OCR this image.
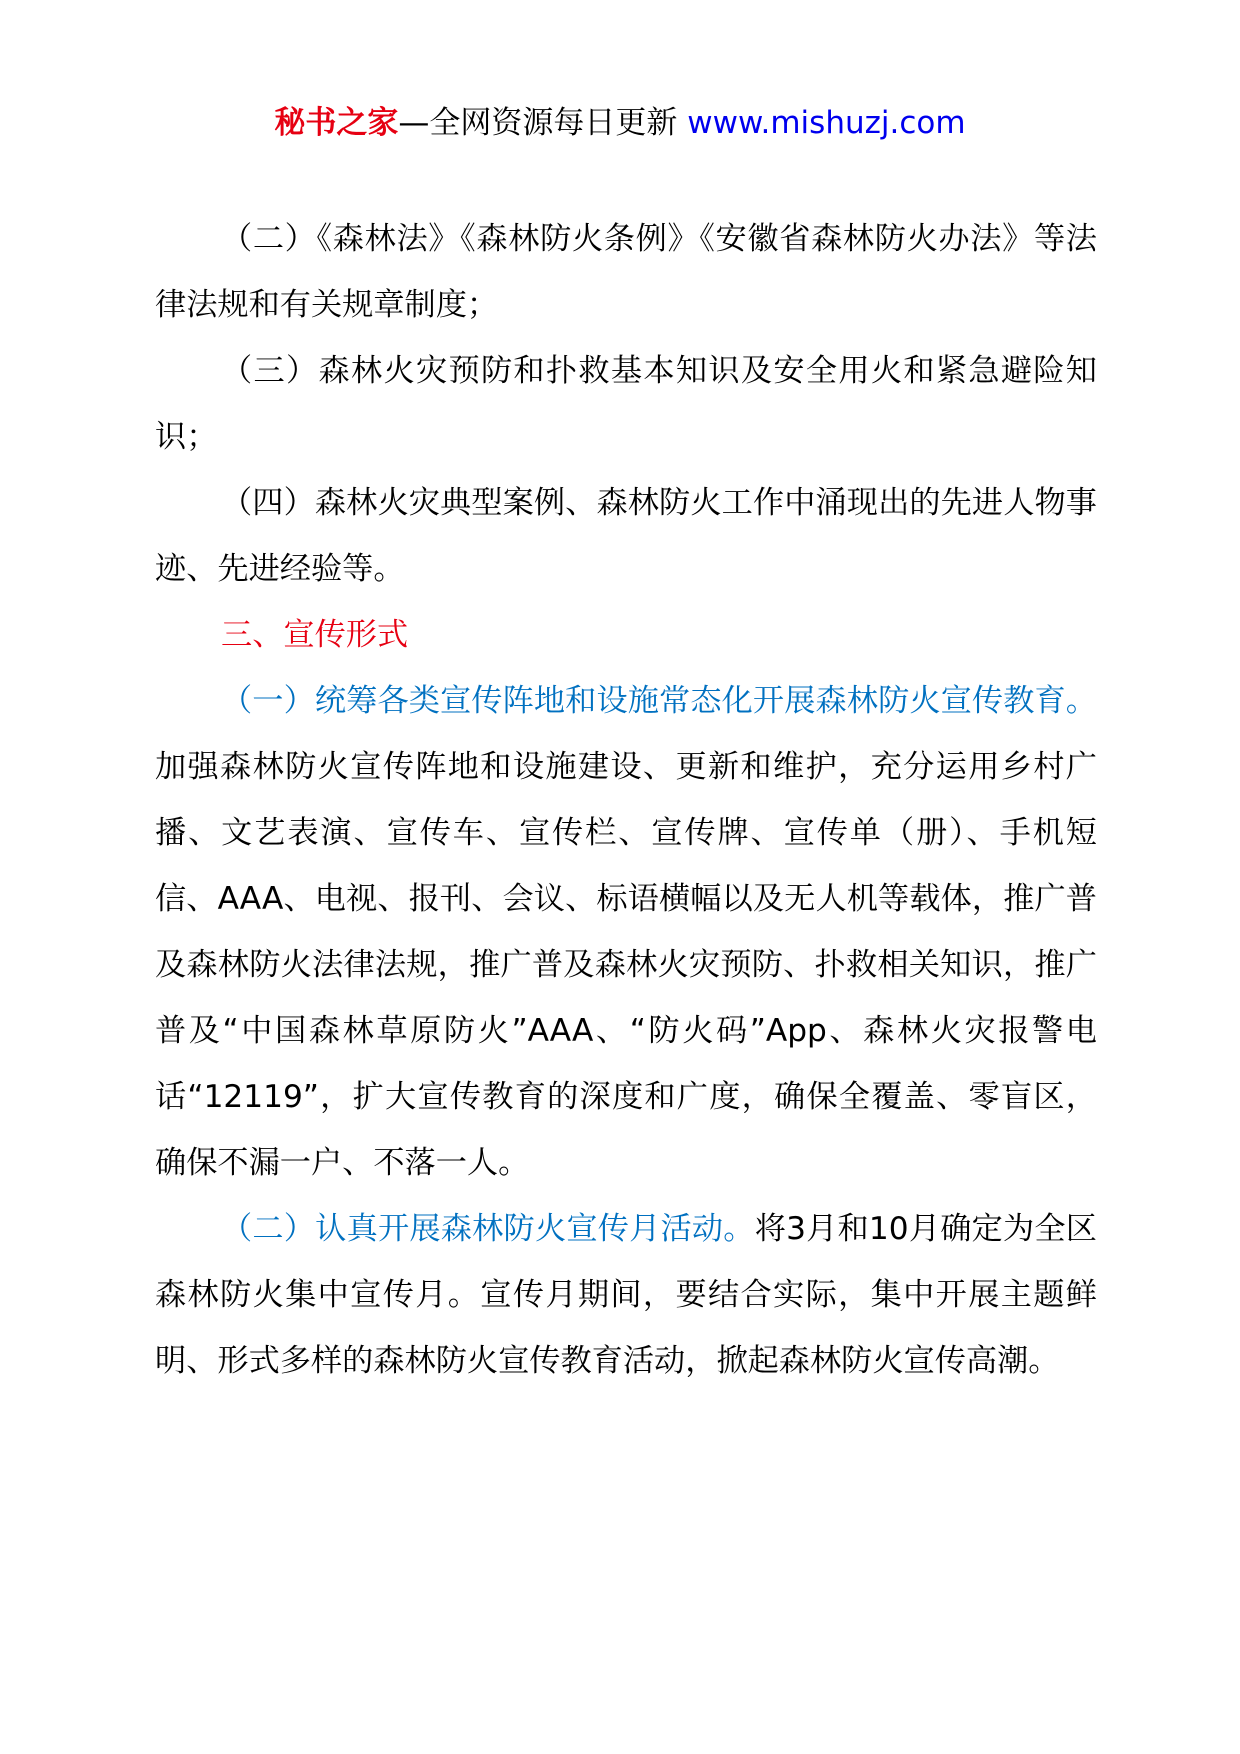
秘书之家—全网资源每日更新 www.mishuzj.com

（二）《森林法》《森林防火条例》《安徽省森林防火办法》等法律法规和有关规章制度；

（三）森林火灾预防和扑救基本知识及安全用火和紧急避险知识；

（四）森林火灾典型案例、森林防火工作中涌现出的先进人物事迹、先进经验等。

三、宣传形式

（一）统筹各类宣传阵地和设施常态化开展森林防火宣传教育。加强森林防火宣传阵地和设施建设、更新和维护，充分运用乡村广播、文艺表演、宣传车、宣传栏、宣传牌、宣传单（册）、手机短信、AAA、电视、报刊、会议、标语横幅以及无人机等载体，推广普及森林防火法律法规，推广普及森林火灾预防、扑救相关知识，推广普及“中国森林草原防火”AAA、“防火码”App、森林火灾报警电话“12119”，扩大宣传教育的深度和广度，确保全覆盖、零盲区，确保不漏一户、不落一人。

（二）认真开展森林防火宣传月活动。将3月和10月确定为全区森林防火集中宣传月。宣传月期间，要结合实际，集中开展主题鲜明、形式多样的森林防火宣传教育活动，掀起森林防火宣传高潮。
